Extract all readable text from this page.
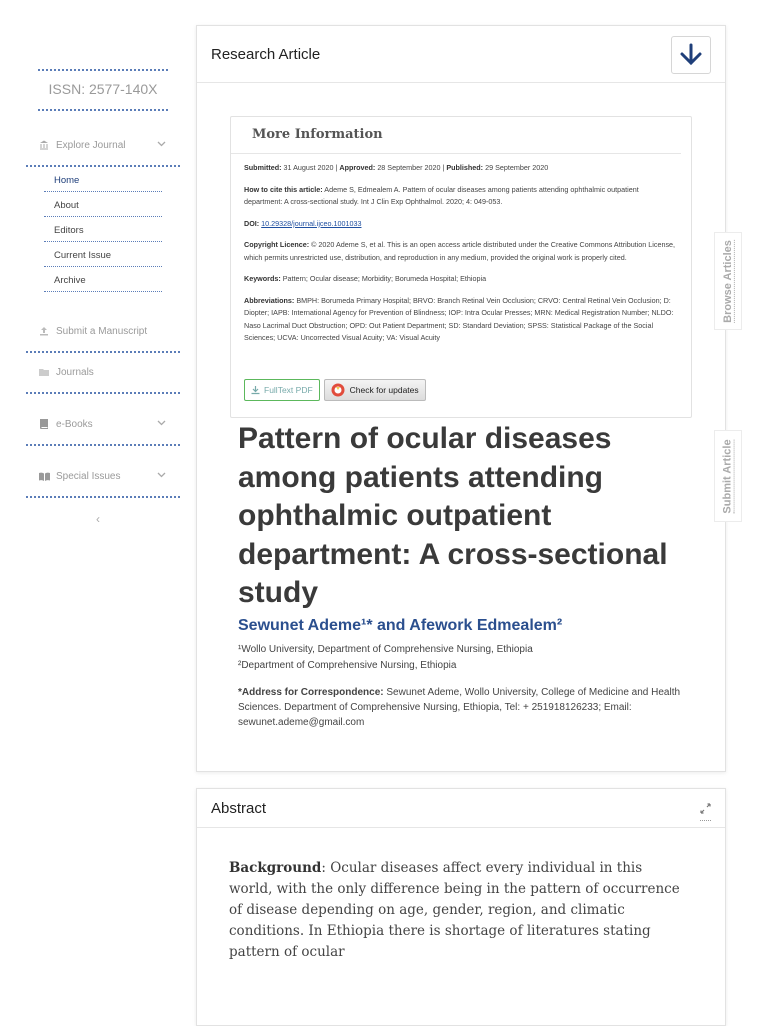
ISSN: 2577-140X
Explore Journal
Home
About
Editors
Current Issue
Archive
Submit a Manuscript
Journals
e-Books
Special Issues
‹
Research Article
More Information

Submitted: 31 August 2020 | Approved: 28 September 2020 | Published: 29 September 2020

How to cite this article: Ademe S, Edmealem A. Pattern of ocular diseases among patients attending ophthalmic outpatient department: A cross-sectional study. Int J Clin Exp Ophthalmol. 2020; 4: 049-053.

DOI: 10.29328/journal.ijceo.1001033

Copyright Licence: © 2020 Ademe S, et al. This is an open access article distributed under the Creative Commons Attribution License, which permits unrestricted use, distribution, and reproduction in any medium, provided the original work is properly cited.

Keywords: Pattern; Ocular disease; Morbidity; Borumeda Hospital; Ethiopia

Abbreviations: BMPH: Borumeda Primary Hospital; BRVO: Branch Retinal Vein Occlusion; CRVO: Central Retinal Vein Occlusion; D: Diopter; IAPB: International Agency for Prevention of Blindness; IOP: Intra Ocular Presses; MRN: Medical Registration Number; NLDO: Naso Lacrimal Duct Obstruction; OPD: Out Patient Department; SD: Standard Deviation; SPSS: Statistical Package of the Social Sciences; UCVA: Uncorrected Visual Acuity; VA: Visual Acuity

FullText PDF	Check for updates
Pattern of ocular diseases among patients attending ophthalmic outpatient department: A cross-sectional study
Sewunet Ademe¹* and Afework Edmealem²
¹Wollo University, Department of Comprehensive Nursing, Ethiopia
²Department of Comprehensive Nursing, Ethiopia
*Address for Correspondence: Sewunet Ademe, Wollo University, College of Medicine and Health Sciences. Department of Comprehensive Nursing, Ethiopia, Tel: + 251918126233; Email: sewunet.ademe@gmail.com
Abstract
Background: Ocular diseases affect every individual in this world, with the only difference being in the pattern of occurrence of disease depending on age, gender, region, and climatic conditions. In Ethiopia there is shortage of literatures stating pattern of ocular
Browse Articles
Submit Article
